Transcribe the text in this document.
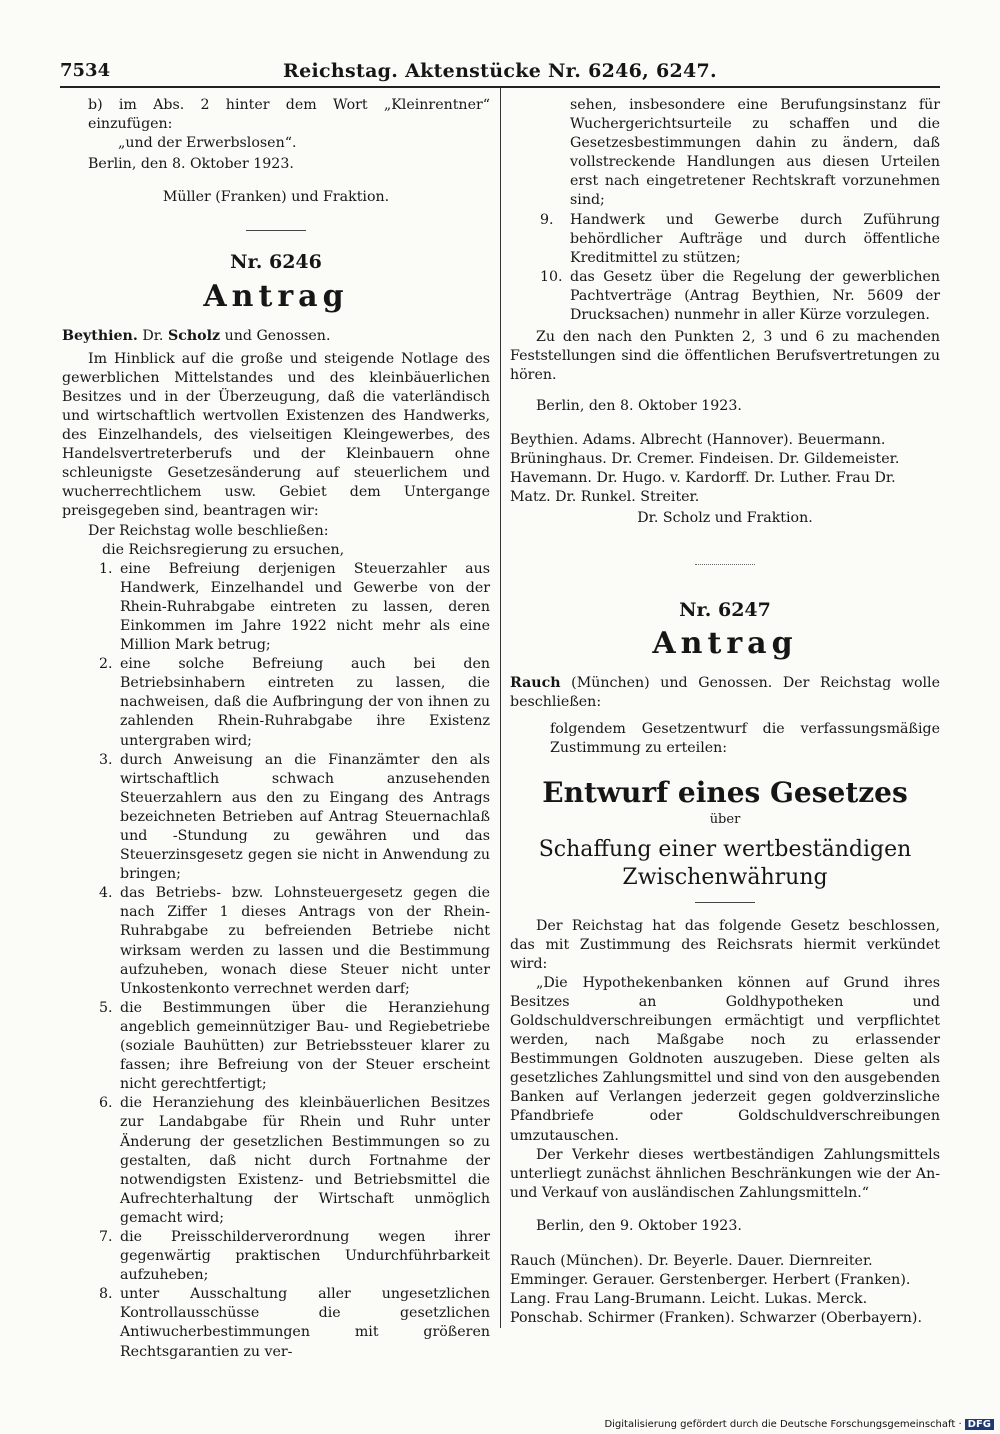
7534	Reichstag. Aktenstücke Nr. 6246, 6247.

b) im Abs. 2 hinter dem Wort „Kleinrentner“ einzufügen:

„und der Erwerbslosen“.

Berlin, den 8. Oktober 1923.

Müller (Franken) und Fraktion.

Nr. 6246

Antrag

Beythien. Dr. Scholz und Genossen.

Im Hinblick auf die große und steigende Notlage des gewerblichen Mittelstandes und des kleinbäuerlichen Besitzes und in der Überzeugung, daß die vaterländisch und wirtschaftlich wertvollen Existenzen des Handwerks, des Einzelhandels, des vielseitigen Kleingewerbes, des Handelsvertreterberufs und der Kleinbauern ohne schleunigste Gesetzesänderung auf steuerlichem und wucherrechtlichem usw. Gebiet dem Untergange preisgegeben sind, beantragen wir:

Der Reichstag wolle beschließen:

die Reichsregierung zu ersuchen,

1. eine Befreiung derjenigen Steuerzahler aus Handwerk, Einzelhandel und Gewerbe von der Rhein-Ruhrabgabe eintreten zu lassen, deren Einkommen im Jahre 1922 nicht mehr als eine Million Mark betrug;
2. eine solche Befreiung auch bei den Betriebsinhabern eintreten zu lassen, die nachweisen, daß die Aufbringung der von ihnen zu zahlenden Rhein-Ruhrabgabe ihre Existenz untergraben wird;
3. durch Anweisung an die Finanzämter den als wirtschaftlich schwach anzusehenden Steuerzahlern aus den zu Eingang des Antrags bezeichneten Betrieben auf Antrag Steuernachlaß und -Stundung zu gewähren und das Steuerzinsgesetz gegen sie nicht in Anwendung zu bringen;
4. das Betriebs- bzw. Lohnsteuergesetz gegen die nach Ziffer 1 dieses Antrags von der Rhein-Ruhrabgabe zu befreienden Betriebe nicht wirksam werden zu lassen und die Bestimmung aufzuheben, wonach diese Steuer nicht unter Unkostenkonto verrechnet werden darf;
5. die Bestimmungen über die Heranziehung angeblich gemeinnütziger Bau- und Regiebetriebe (soziale Bauhütten) zur Betriebssteuer klarer zu fassen; ihre Befreiung von der Steuer erscheint nicht gerechtfertigt;
6. die Heranziehung des kleinbäuerlichen Besitzes zur Landabgabe für Rhein und Ruhr unter Änderung der gesetzlichen Bestimmungen so zu gestalten, daß nicht durch Fortnahme der notwendigsten Existenz- und Betriebsmittel die Aufrechterhaltung der Wirtschaft unmöglich gemacht wird;
7. die Preisschilderverordnung wegen ihrer gegenwärtig praktischen Undurchführbarkeit aufzuheben;
8. unter Ausschaltung aller ungesetzlichen Kontrollausschüsse die gesetzlichen Antiwucherbestimmungen mit größeren Rechtsgarantien zu ver-

sehen, insbesondere eine Berufungsinstanz für Wuchergerichtsurteile zu schaffen und die Gesetzesbestimmungen dahin zu ändern, daß vollstreckende Handlungen aus diesen Urteilen erst nach eingetretener Rechtskraft vorzunehmen sind;

9. Handwerk und Gewerbe durch Zuführung behördlicher Aufträge und durch öffentliche Kreditmittel zu stützen;
10. das Gesetz über die Regelung der gewerblichen Pachtverträge (Antrag Beythien, Nr. 5609 der Drucksachen) nunmehr in aller Kürze vorzulegen.

Zu den nach den Punkten 2, 3 und 6 zu machenden Feststellungen sind die öffentlichen Berufsvertretungen zu hören.

Berlin, den 8. Oktober 1923.

Beythien. Adams. Albrecht (Hannover). Beuermann. Brüninghaus. Dr. Cremer. Findeisen. Dr. Gildemeister. Havemann. Dr. Hugo. v. Kardorff. Dr. Luther. Frau Dr. Matz. Dr. Runkel. Streiter.

Dr. Scholz und Fraktion.

Nr. 6247

Antrag

Rauch (München) und Genossen. Der Reichstag wolle beschließen:

folgendem Gesetzentwurf die verfassungsmäßige Zustimmung zu erteilen:

Entwurf eines Gesetzes

über

Schaffung einer wertbeständigen Zwischenwährung

Der Reichstag hat das folgende Gesetz beschlossen, das mit Zustimmung des Reichsrats hiermit verkündet wird:

„Die Hypothekenbanken können auf Grund ihres Besitzes an Goldhypotheken und Goldschuldverschreibungen ermächtigt und verpflichtet werden, nach Maßgabe noch zu erlassender Bestimmungen Goldnoten auszugeben. Diese gelten als gesetzliches Zahlungsmittel und sind von den ausgebenden Banken auf Verlangen jederzeit gegen goldverzinsliche Pfandbriefe oder Goldschuldverschreibungen umzutauschen.

Der Verkehr dieses wertbeständigen Zahlungsmittels unterliegt zunächst ähnlichen Beschränkungen wie der An- und Verkauf von ausländischen Zahlungsmitteln.“

Berlin, den 9. Oktober 1923.

Rauch (München). Dr. Beyerle. Dauer. Diernreiter. Emminger. Gerauer. Gerstenberger. Herbert (Franken). Lang. Frau Lang-Brumann. Leicht. Lukas. Merck. Ponschab. Schirmer (Franken). Schwarzer (Oberbayern).

Digitalisierung gefördert durch die Deutsche Forschungsgemeinschaft · DFG
